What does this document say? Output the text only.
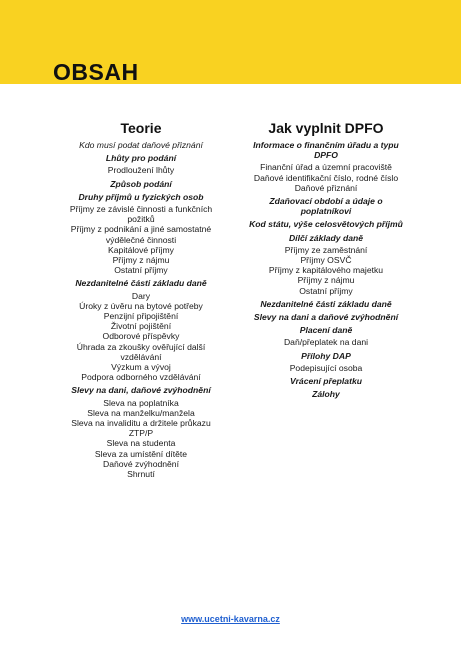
OBSAH
Teorie
Kdo musí podat daňové přiznání
Lhůty pro podání
Prodloužení lhůty
Způsob podání
Druhy příjmů u fyzických osob
Příjmy ze závislé činnosti a funkčních požitků
Příjmy z podnikání a jiné samostatné výdělečné činnosti
Kapitálové příjmy
Příjmy z nájmu
Ostatní příjmy
Nezdanitelné části základu daně
Dary
Úroky z úvěru na bytové potřeby
Penzijní připojištění
Životní pojištění
Odborové příspěvky
Úhrada za zkoušky ověřující další vzdělávání
Výzkum a vývoj
Podpora odborného vzdělávání
Slevy na dani, daňové zvýhodnění
Sleva na poplatníka
Sleva na manželku/manžela
Sleva na invaliditu a držitele průkazu ZTP/P
Sleva na studenta
Sleva za umístění dítěte
Daňové zvýhodnění
Shrnutí
Jak vyplnit DPFO
Informace o finančním úřadu a typu DPFO
Finanční úřad a územní pracoviště
Daňové identifikační číslo, rodné číslo
Daňové přiznání
Zdaňovací období a údaje o poplatníkovi
Kod státu, výše celosvětových příjmů
Dílčí základy daně
Příjmy ze zaměstnání
Příjmy OSVČ
Příjmy z kapitálového majetku
Příjmy z nájmu
Ostatní příjmy
Nezdanitelné části základu daně
Slevy na dani a daňové zvýhodnění
Placení daně
Daň/přeplatek na dani
Přílohy DAP
Podepisující osoba
Vrácení přeplatku
Zálohy
www.ucetni-kavarna.cz
